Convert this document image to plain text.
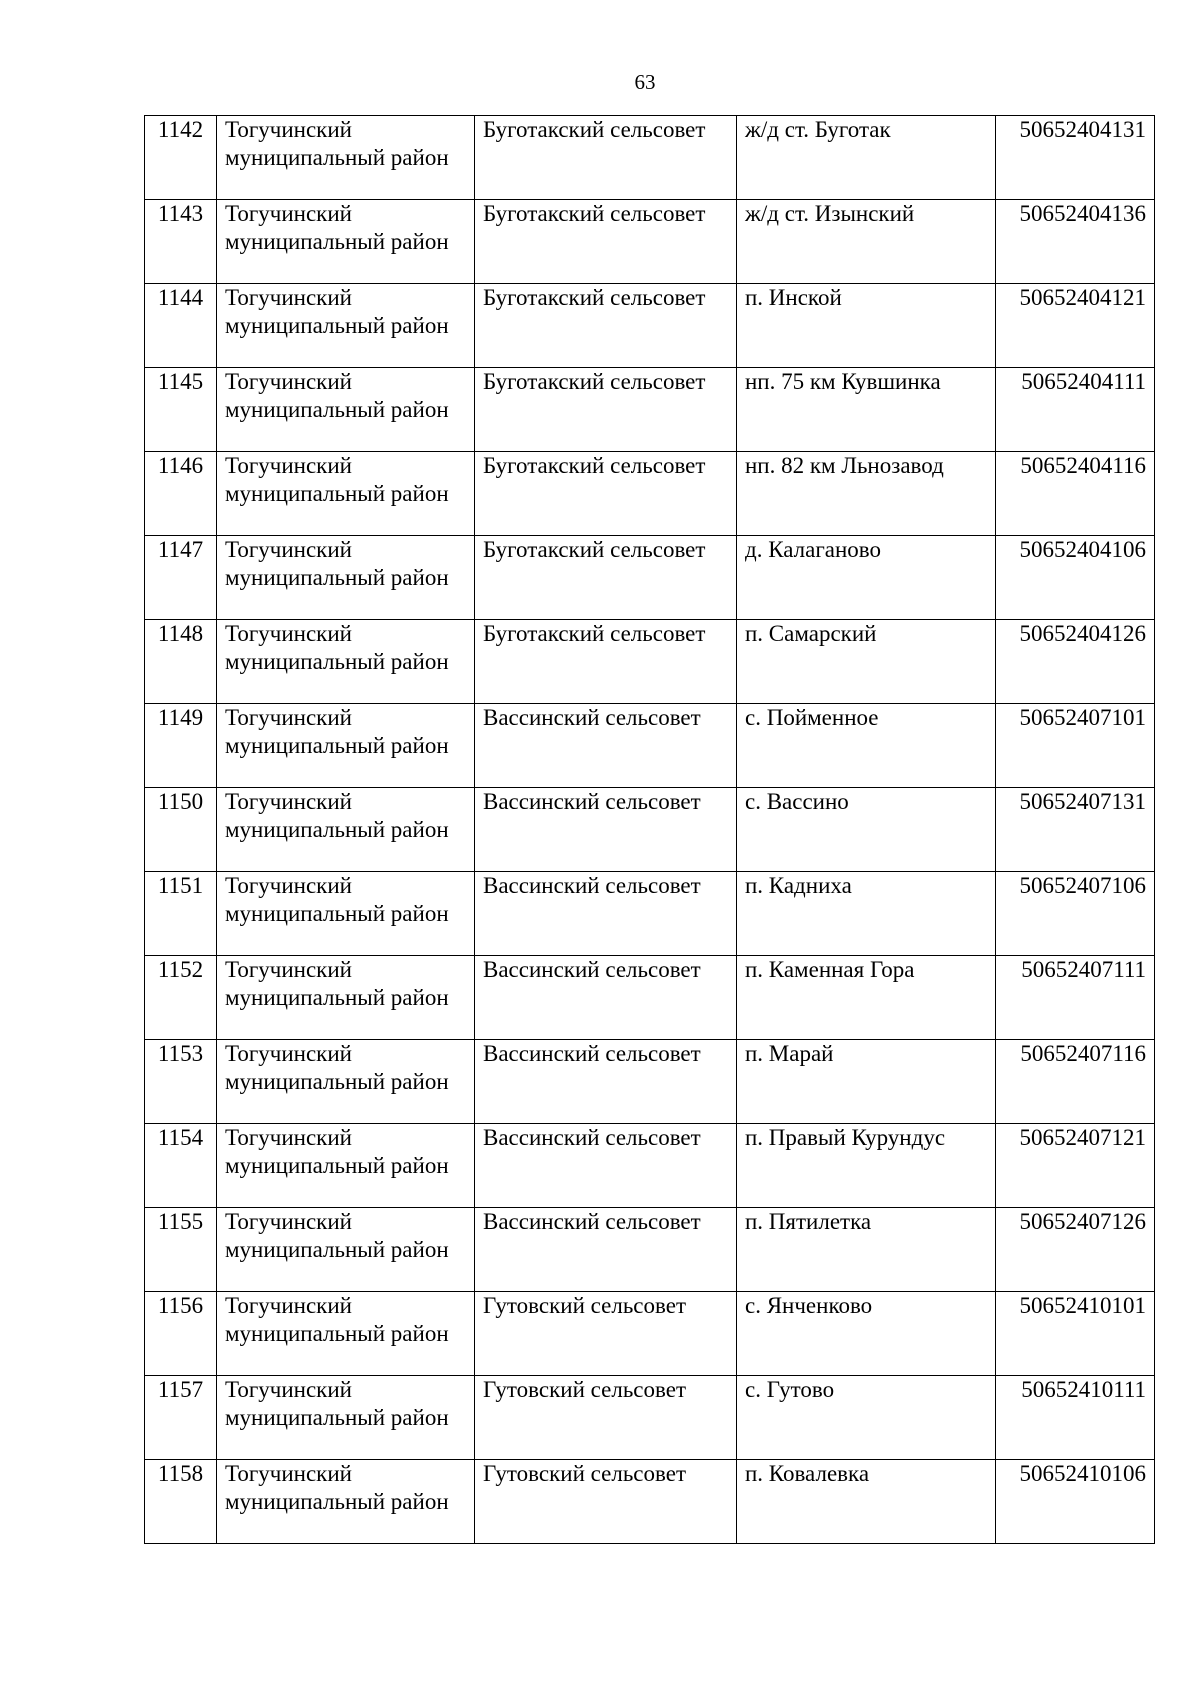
63
1142	Тогучинский муниципальный район	Буготакский сельсовет	ж/д ст. Буготак	50652404131
1143	Тогучинский муниципальный район	Буготакский сельсовет	ж/д ст. Изынский	50652404136
1144	Тогучинский муниципальный район	Буготакский сельсовет	п. Инской	50652404121
1145	Тогучинский муниципальный район	Буготакский сельсовет	нп. 75 км Кувшинка	50652404111
1146	Тогучинский муниципальный район	Буготакский сельсовет	нп. 82 км Льнозавод	50652404116
1147	Тогучинский муниципальный район	Буготакский сельсовет	д. Калаганово	50652404106
1148	Тогучинский муниципальный район	Буготакский сельсовет	п. Самарский	50652404126
1149	Тогучинский муниципальный район	Вассинский сельсовет	с. Пойменное	50652407101
1150	Тогучинский муниципальный район	Вассинский сельсовет	с. Вассино	50652407131
1151	Тогучинский муниципальный район	Вассинский сельсовет	п. Кадниха	50652407106
1152	Тогучинский муниципальный район	Вассинский сельсовет	п. Каменная Гора	50652407111
1153	Тогучинский муниципальный район	Вассинский сельсовет	п. Марай	50652407116
1154	Тогучинский муниципальный район	Вассинский сельсовет	п. Правый Курундус	50652407121
1155	Тогучинский муниципальный район	Вассинский сельсовет	п. Пятилетка	50652407126
1156	Тогучинский муниципальный район	Гутовский сельсовет	с. Янченково	50652410101
1157	Тогучинский муниципальный район	Гутовский сельсовет	с. Гутово	50652410111
1158	Тогучинский муниципальный район	Гутовский сельсовет	п. Ковалевка	50652410106
